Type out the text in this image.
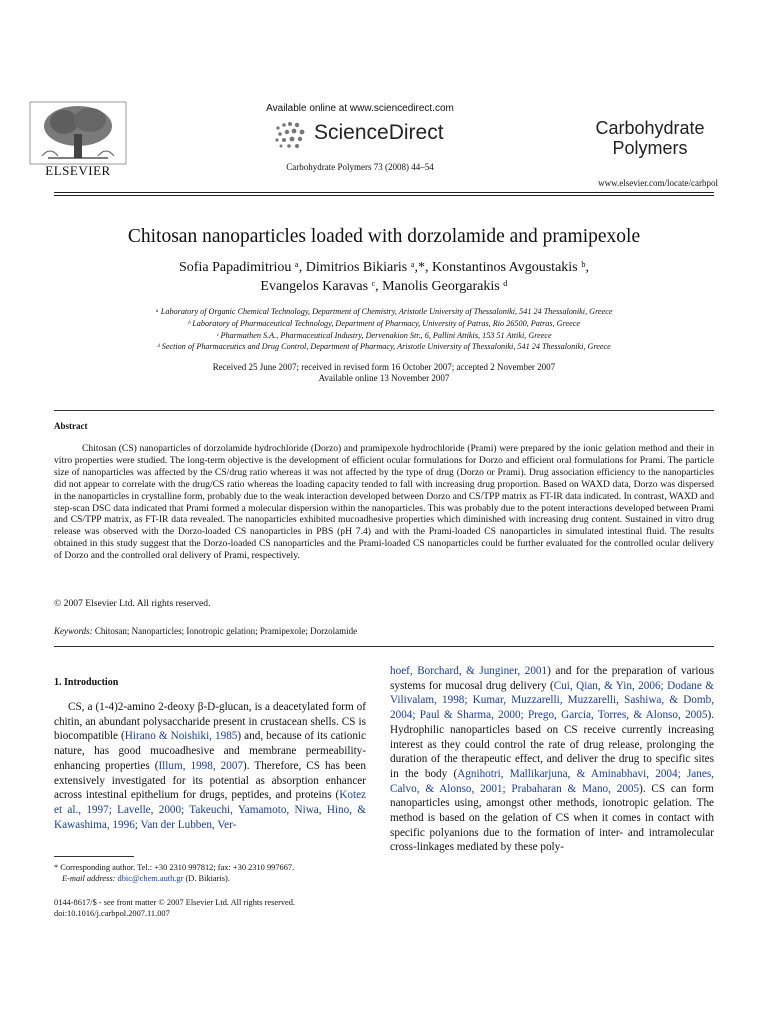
ELSEVIER
Available online at www.sciencedirect.com
ScienceDirect
Carbohydrate Polymers 73 (2008) 44–54
Carbohydrate
Polymers
www.elsevier.com/locate/carbpol
Chitosan nanoparticles loaded with dorzolamide and pramipexole
Sofia Papadimitriou ᵃ, Dimitrios Bikiaris ᵃ,*, Konstantinos Avgoustakis ᵇ,
Evangelos Karavas ᶜ, Manolis Georgarakis ᵈ
ᵃ Laboratory of Organic Chemical Technology, Department of Chemistry, Aristotle University of Thessaloniki, 541 24 Thessaloniki, Greece
ᵇ Laboratory of Pharmaceutical Technology, Department of Pharmacy, University of Patras, Rio 26500, Patras, Greece
ᶜ Pharmathen S.A., Pharmaceutical Industry, Dervenakion Str., 6, Pallini Attikis, 153 51 Attiki, Greece
ᵈ Section of Pharmaceutics and Drug Control, Department of Pharmacy, Aristotle University of Thessaloniki, 541 24 Thessaloniki, Greece
Received 25 June 2007; received in revised form 16 October 2007; accepted 2 November 2007
Available online 13 November 2007
Abstract
Chitosan (CS) nanoparticles of dorzolamide hydrochloride (Dorzo) and pramipexole hydrochloride (Prami) were prepared by the ionic gelation method and their in vitro properties were studied. The long-term objective is the development of efficient ocular formulations for Dorzo and efficient oral formulations for Prami. The particle size of nanoparticles was affected by the CS/drug ratio whereas it was not affected by the type of drug (Dorzo or Prami). Drug association efficiency to the nanoparticles did not appear to correlate with the drug/CS ratio whereas the loading capacity tended to fall with increasing drug proportion. Based on WAXD data, Dorzo was dispersed in the nanoparticles in crystalline form, probably due to the weak interaction developed between Dorzo and CS/TPP matrix as FT-IR data indicated. In contrast, WAXD and step-scan DSC data indicated that Prami formed a molecular dispersion within the nanoparticles. This was probably due to the potent interactions developed between Prami and CS/TPP matrix, as FT-IR data revealed. The nanoparticles exhibited mucoadhesive properties which diminished with increasing drug content. Sustained in vitro drug release was observed with the Dorzo-loaded CS nanoparticles in PBS (pH 7.4) and with the Prami-loaded CS nanoparticles in simulated intestinal fluid. The results obtained in this study suggest that the Dorzo-loaded CS nanoparticles and the Prami-loaded CS nanoparticles could be further evaluated for the controlled ocular delivery of Dorzo and the controlled oral delivery of Prami, respectively.
© 2007 Elsevier Ltd. All rights reserved.
Keywords: Chitosan; Nanoparticles; Ionotropic gelation; Pramipexole; Dorzolamide
1. Introduction
CS, a (1-4)2-amino 2-deoxy β-D-glucan, is a deacetylated form of chitin, an abundant polysaccharide present in crustacean shells. CS is biocompatible (Hirano & Noishiki, 1985) and, because of its cationic nature, has good mucoadhesive and membrane permeability-enhancing properties (Illum, 1998, 2007). Therefore, CS has been extensively investigated for its potential as absorption enhancer across intestinal epithelium for drugs, peptides, and proteins (Kotez et al., 1997; Lavelle, 2000; Takeuchi, Yamamoto, Niwa, Hino, & Kawashima, 1996; Van der Lubben, Ver-
hoef, Borchard, & Junginer, 2001) and for the preparation of various systems for mucosal drug delivery (Cui, Qian, & Yin, 2006; Dodane & Vilivalam, 1998; Kumar, Muzzarelli, Muzzarelli, Sashiwa, & Domb, 2004; Paul & Sharma, 2000; Prego, Garcia, Torres, & Alonso, 2005). Hydrophilic nanoparticles based on CS receive currently increasing interest as they could control the rate of drug release, prolonging the duration of the therapeutic effect, and deliver the drug to specific sites in the body (Agnihotri, Mallikarjuna, & Aminabhavi, 2004; Janes, Calvo, & Alonso, 2001; Prabaharan & Mano, 2005). CS can form nanoparticles using, amongst other methods, ionotropic gelation. The method is based on the gelation of CS when it comes in contact with specific polyanions due to the formation of inter- and intramolecular cross-linkages mediated by these poly-
* Corresponding author. Tel.: +30 2310 997812; fax: +30 2310 997667.
E-mail address: dbic@chem.auth.gr (D. Bikiaris).
0144-8617/$ - see front matter © 2007 Elsevier Ltd. All rights reserved.
doi:10.1016/j.carbpol.2007.11.007
